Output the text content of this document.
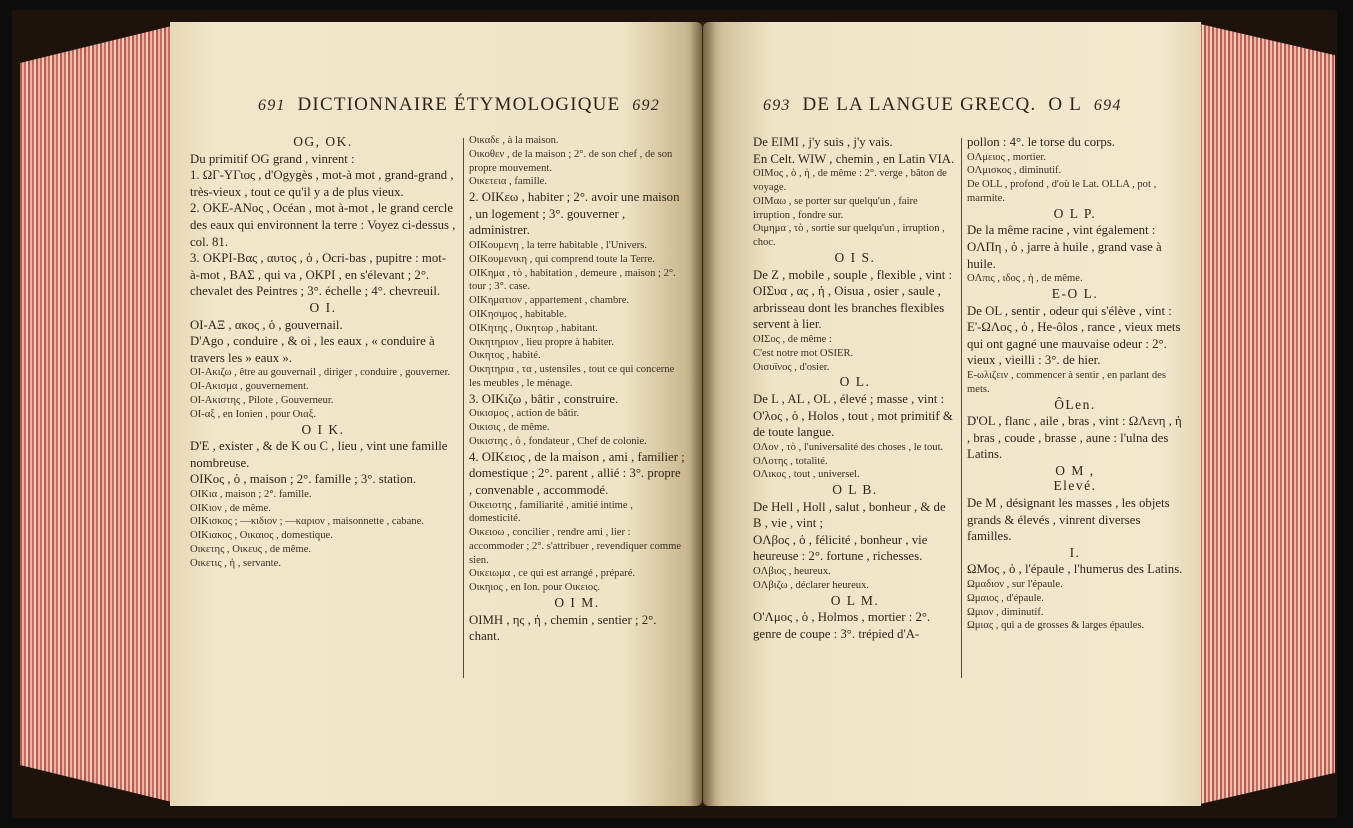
691 DICTIONNAIRE ÉTYMOLOGIQUE 692

OG, OK.

Du primitif OG grand , vinrent :

1. ΩΓ-ΥΓιος , d'Ogygès , mot-à mot , grand-grand , très-vieux , tout ce qu'il y a de plus vieux.

2. OKE-ANος , Océan , mot à-mot , le grand cercle des eaux qui environnent la terre : Voyez ci-dessus , col. 81.

3. OKPI-Bας , αυτος , ὁ , Ocri-bas , pupitre : mot-à-mot , BAΣ , qui va , OKPI , en s'élevant ; 2°. chevalet des Peintres ; 3°. échelle ; 4°. chevreuil.

O I.

OI-AΞ , ακος , ὁ , gouvernail.

D'Ago , conduire , & oi , les eaux , « conduire à travers les » eaux ».

OI-Ακιζω , être au gouvernail , diriger , conduire , gouverner.

OI-Ακισμα , gouvernement.

OI-Ακιστης , Pilote , Gouverneur.

OI-αξ , en Ionien , pour Οιαξ.

O I K.

D'E , exister , & de K ou C , lieu , vint une famille nombreuse.

OIKος , ὁ , maison ; 2°. famille ; 3°. station.

OIKια , maison ; 2°. famille.

OIKιον , de même.

OIKισκος ; —κιδιον ; —καριον , maisonnette , cabane.

OIKιακος , Οικαιος , domestique.

Οικετης , Οικευς , de même.

Οικετις , ἡ , servante.

Οικαδε , à la maison.

Οικοθεν , de la maison ; 2°. de son chef , de son propre mouvement.

Οικετεια , famille.

2. OIKεω , habiter ; 2°. avoir une maison , un logement ; 3°. gouverner , administrer.

OIKουμενη , la terre habitable , l'Univers.

OIKουμενικη , qui comprend toute la Terre.

OIKημα , τὸ , habitation , demeure , maison ; 2°. tour ; 3°. case.

OIKηματιον , appartement , chambre.

OIKησιμος , habitable.

OIKητης , Οικητωρ , habitant.

Οικητηριον , lieu propre à habiter.

Οικητος , habité.

Οικητηρια , τα , ustensiles , tout ce qui concerne les meubles , le ménage.

3. OIKιζω , bâtir , construire.

Οικισμος , action de bâtir.

Οικισις , de même.

Οικιστης , ὁ , fondateur , Chef de colonie.

4. OIKειος , de la maison , ami , familier ; domestique ; 2°. parent , allié : 3°. propre , convenable , accommodé.

Οικειοτης , familiarité , amitié intime , domesticité.

Οικειοω , concilier , rendre ami , lier : accommoder ; 2°. s'attribuer , revendiquer comme sien.

Οικειωμα , ce qui est arrangé , préparé.

Οικηιος , en Ion. pour Οικειος.

O I M.

OIMH , ης , ἡ , chemin , sentier ; 2°. chant.

693 DE LA LANGUE GRECQ. O L 694

De EIMI , j'y suis , j'y vais.

En Celt. WIW , chemin , en Latin VIA.

OIMος , ὁ , ἡ , de même : 2°. verge , bâton de voyage.

OIMαω , se porter sur quelqu'un , faire irruption , fondre sur.

Οιμημα , τὸ , sortie sur quelqu'un , irruption , choc.

O I S.

De Z , mobile , souple , flexible , vint :

OIΣυα , ας , ἡ , Oisua , osier , saule , arbrisseau dont les branches flexibles servent à lier.

OIΣος , de même :

C'est notre mot OSIER.

Οισυϊνος , d'osier.

O L.

De L , AL , OL , élevé ; masse , vint : O'λος , ὁ , Holos , tout , mot primitif & de toute langue.

OΛον , τὸ , l'universalité des choses , le tout.

OΛοτης , totalité.

OΛικος , tout , universel.

O L B.

De Hell , Holl , salut , bonheur , & de B , vie , vint ;

OΛβος , ὁ , félicité , bonheur , vie heureuse : 2°. fortune , richesses.

OΛβιος , heureux.

OΛβιζω , déclarer heureux.

O L M.

O'Λμος , ὁ , Holmos , mortier : 2°. genre de coupe : 3°. trépied d'A-

pollon : 4°. le torse du corps.

OΛμειος , mortier.

OΛμισκος , diminutif.

De OLL , profond , d'où le Lat. OLLA , pot , marmite.

O L P.

De la même racine , vint également : OΛΠη , ὁ , jarre à huile , grand vase à huile.

OΛπις , ιδος , ἡ , de même.

E-O L.

De OL , sentir , odeur qui s'élève , vint :

E'-ΩΛος , ὁ , He-ôlos , rance , vieux mets qui ont gagné une mauvaise odeur : 2°. vieux , vieilli : 3°. de hier.

E-ωλιζειν , commencer à sentir , en parlant des mets.

ÔLen.

D'OL , flanc , aile , bras , vint : ΩΛενη , ἡ , bras , coude , brasse , aune : l'ulna des Latins.

O M ,

Elevé.

De M , désignant les masses , les objets grands & élevés , vinrent diverses familles.

I.

ΩΜος , ὁ , l'épaule , l'humerus des Latins.

Ωμαδιον , sur l'épaule.

Ωμαιος , d'épaule.

Ωμιον , diminutif.

Ωμιας , qui a de grosses & larges épaules.
